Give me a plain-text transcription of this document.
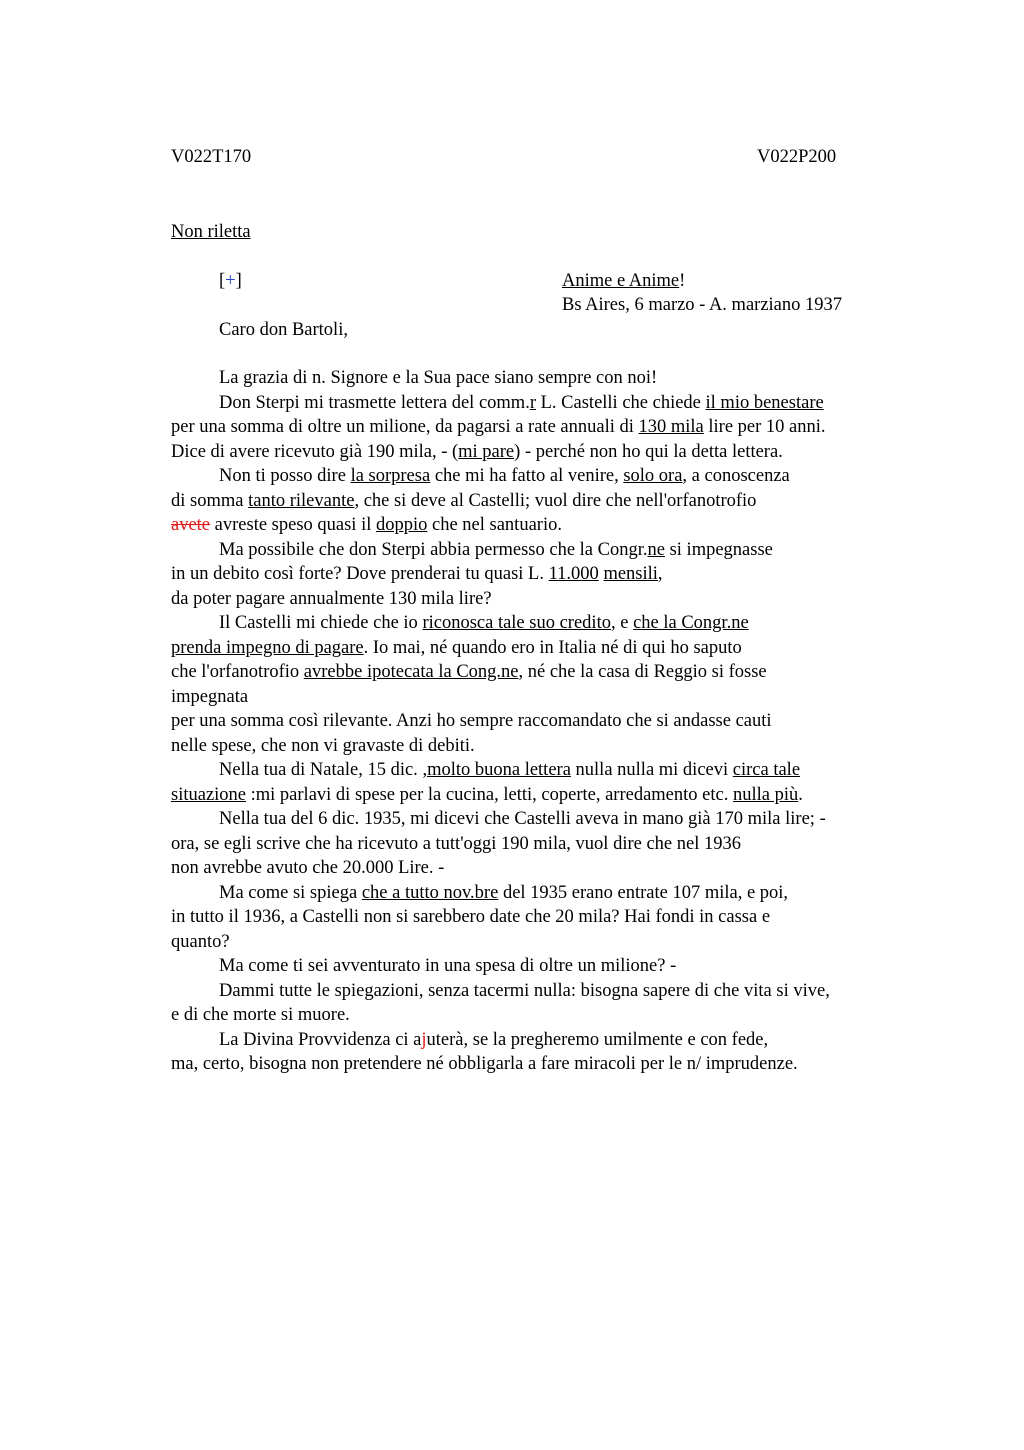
V022T170	V022P200
Non riletta
[+]	Anime e Anime!
Bs Aires, 6 marzo - A. marziano 1937
Caro don Bartoli,
La grazia di n. Signore e la Sua pace siano sempre con noi!
Don Sterpi mi trasmette lettera del comm.r L. Castelli che chiede il mio benestare
per una somma di oltre un milione, da pagarsi a rate annuali di 130 mila lire per 10 anni.
Dice di avere ricevuto già 190 mila, - (mi pare) - perché non ho qui la detta lettera.
Non ti posso dire la sorpresa che mi ha fatto al venire, solo ora, a conoscenza
di somma tanto rilevante, che si deve al Castelli; vuol dire che nell'orfanotrofio
avete avreste speso quasi il doppio che nel santuario.
Ma possibile che don Sterpi abbia permesso che la Congr.ne si impegnasse
in un debito così forte? Dove prenderai tu quasi L. 11.000 mensili,
da poter pagare annualmente 130 mila lire?
Il Castelli mi chiede che io riconosca tale suo credito, e che la Congr.ne
prenda impegno di pagare. Io mai, né quando ero in Italia né di qui ho saputo
che l'orfanotrofio avrebbe ipotecata la Cong.ne, né che la casa di Reggio si fosse
impegnata
per una somma così rilevante. Anzi ho sempre raccomandato che si andasse cauti
nelle spese, che non vi gravaste di debiti.
Nella tua di Natale, 15 dic. ,molto buona lettera nulla nulla mi dicevi circa tale
situazione :mi parlavi di spese per la cucina, letti, coperte, arredamento etc. nulla più.
Nella tua del 6 dic. 1935, mi dicevi che Castelli aveva in mano già 170 mila lire; -
ora, se egli scrive che ha ricevuto a tutt'oggi 190 mila, vuol dire che nel 1936
non avrebbe avuto che 20.000 Lire. -
Ma come si spiega che a tutto nov.bre del 1935 erano entrate 107 mila, e poi,
in tutto il 1936, a Castelli non si sarebbero date che 20 mila? Hai fondi in cassa e
quanto?
Ma come ti sei avventurato in una spesa di oltre un milione? -
Dammi tutte le spiegazioni, senza tacermi nulla: bisogna sapere di che vita si vive,
e di che morte si muore.
La Divina Provvidenza ci ajuterà, se la pregheremo umilmente e con fede,
ma, certo, bisogna non pretendere né obbligarla a fare miracoli per le n/ imprudenze.
